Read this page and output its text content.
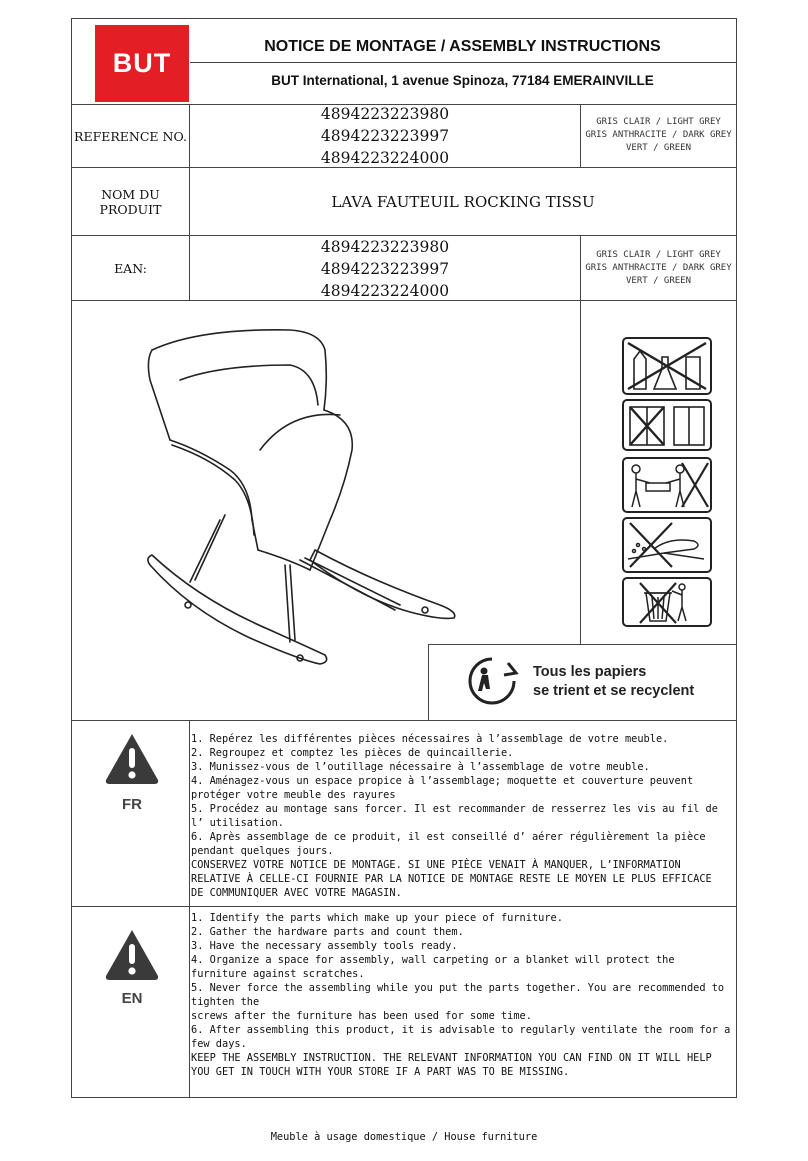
BUT
NOTICE DE MONTAGE / ASSEMBLY INSTRUCTIONS
BUT International, 1 avenue Spinoza, 77184 EMERAINVILLE
REFERENCE NO.
4894223223980
4894223223997
4894223224000
GRIS CLAIR / LIGHT GREY
GRIS ANTHRACITE / DARK GREY
VERT / GREEN
NOM DU PRODUIT	LAVA FAUTEUIL ROCKING TISSU
EAN:
4894223223980
4894223223997
4894223224000
GRIS CLAIR / LIGHT GREY
GRIS ANTHRACITE / DARK GREY
VERT / GREEN
Tous les papiers
se trient et se recyclent
FR

1. Repérez les différentes pièces nécessaires à l’assemblage de votre meuble.

2. Regroupez et comptez les pièces de quincaillerie.

3. Munissez-vous de l’outillage nécessaire à l’assemblage de votre meuble.

4. Aménagez-vous un espace propice à l’assemblage; moquette et couverture peuvent protéger votre meuble des rayures

5. Procédez au montage sans forcer. Il est recommander de resserrez les vis au fil de l’ utilisation.

6. Après assemblage de ce produit, il est conseillé d’ aérer régulièrement la pièce pendant quelques jours.

CONSERVEZ VOTRE NOTICE DE MONTAGE. SI UNE PIÈCE VENAIT À MANQUER, L’INFORMATION

RELATIVE À CELLE-CI FOURNIE PAR LA NOTICE DE MONTAGE RESTE LE MOYEN LE PLUS EFFICACE

DE COMMUNIQUER AVEC VOTRE MAGASIN.

EN

1. Identify the parts which make up your piece of furniture.

2. Gather the hardware parts and count them.

3. Have the necessary assembly tools ready.

4. Organize a space for assembly, wall carpeting or a blanket will protect the furniture against scratches.

5. Never force the assembling while you put the parts together. You are recommended to tighten the

screws after the furniture has been used for some time.

6. After assembling this product, it is advisable to regularly ventilate the room for a few days.

KEEP THE ASSEMBLY INSTRUCTION. THE RELEVANT INFORMATION YOU CAN FIND ON IT WILL HELP

YOU GET IN TOUCH WITH YOUR STORE IF A PART WAS TO BE MISSING.

Meuble à usage domestique / House furniture
